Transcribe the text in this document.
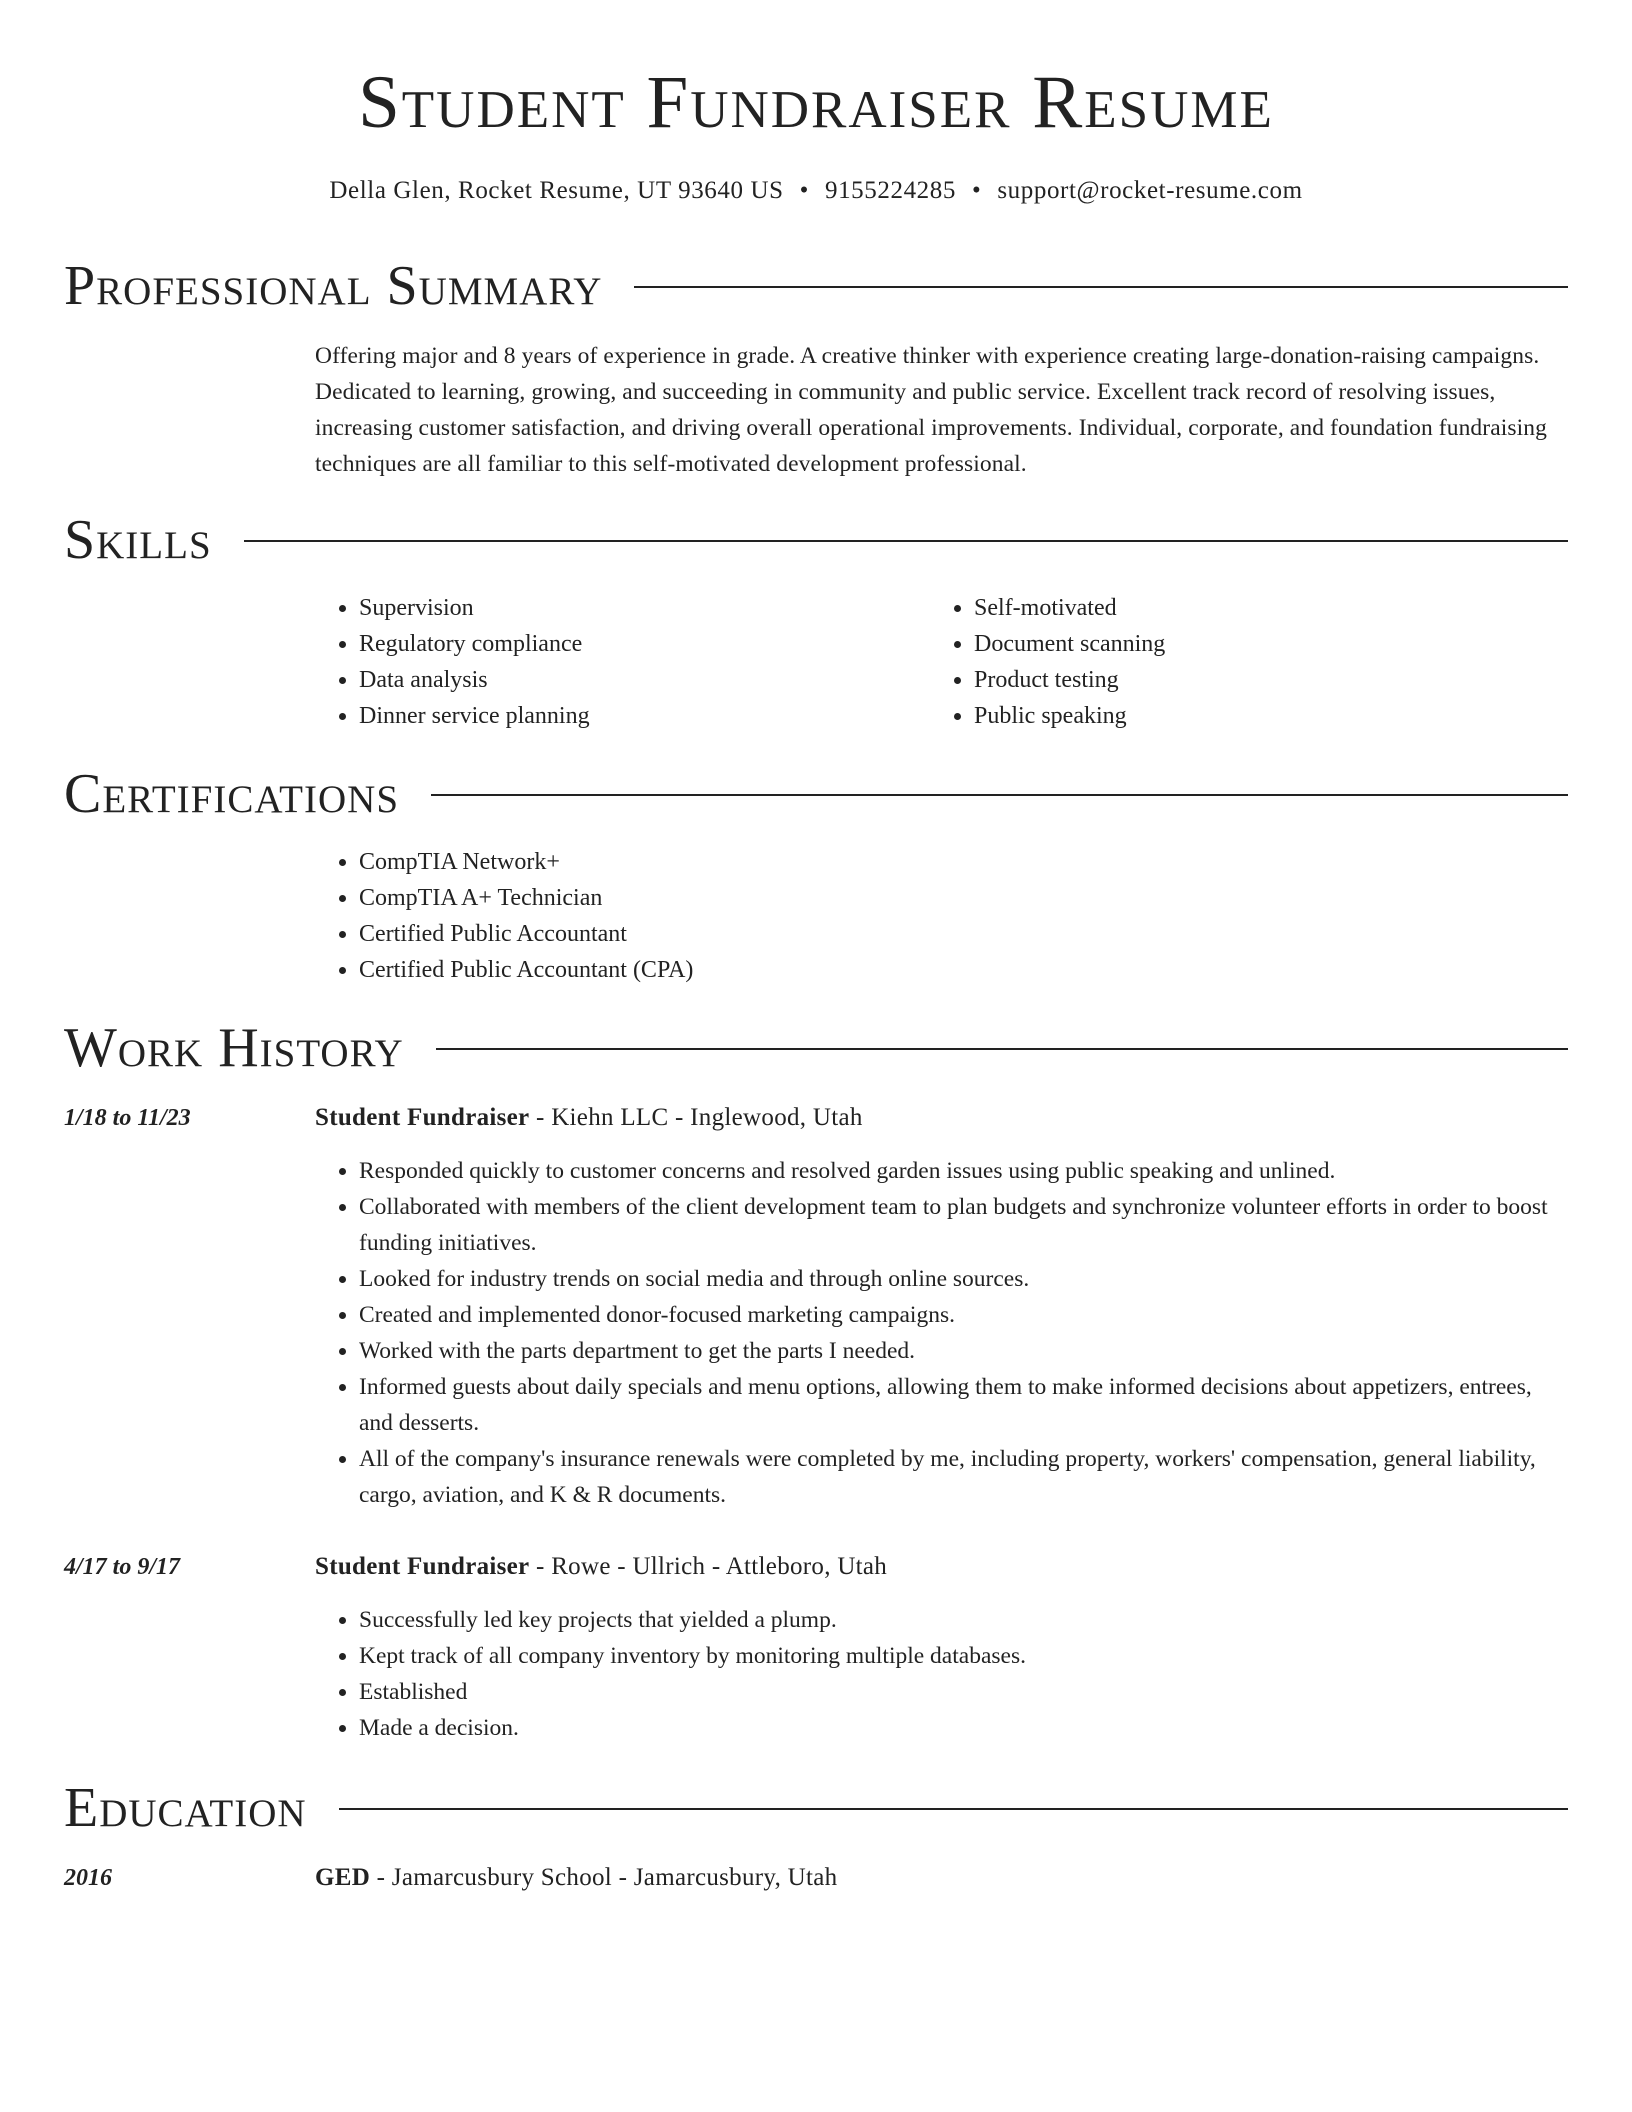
Student Fundraiser Resume
Della Glen, Rocket Resume, UT 93640 US • 9155224285 • support@rocket-resume.com
Professional Summary
Offering major and 8 years of experience in grade. A creative thinker with experience creating large-donation-raising campaigns. Dedicated to learning, growing, and succeeding in community and public service. Excellent track record of resolving issues, increasing customer satisfaction, and driving overall operational improvements. Individual, corporate, and foundation fundraising techniques are all familiar to this self-motivated development professional.
Skills
• Supervision
• Regulatory compliance
• Data analysis
• Dinner service planning
• Self-motivated
• Document scanning
• Product testing
• Public speaking
Certifications
• CompTIA Network+
• CompTIA A+ Technician
• Certified Public Accountant
• Certified Public Accountant (CPA)
Work History
1/18 to 11/23	Student Fundraiser - Kiehn LLC - Inglewood, Utah
• Responded quickly to customer concerns and resolved garden issues using public speaking and unlined.
• Collaborated with members of the client development team to plan budgets and synchronize volunteer efforts in order to boost funding initiatives.
• Looked for industry trends on social media and through online sources.
• Created and implemented donor-focused marketing campaigns.
• Worked with the parts department to get the parts I needed.
• Informed guests about daily specials and menu options, allowing them to make informed decisions about appetizers, entrees, and desserts.
• All of the company's insurance renewals were completed by me, including property, workers' compensation, general liability, cargo, aviation, and K & R documents.
4/17 to 9/17	Student Fundraiser - Rowe - Ullrich - Attleboro, Utah
• Successfully led key projects that yielded a plump.
• Kept track of all company inventory by monitoring multiple databases.
• Established
• Made a decision.
Education
2016	GED - Jamarcusbury School - Jamarcusbury, Utah
